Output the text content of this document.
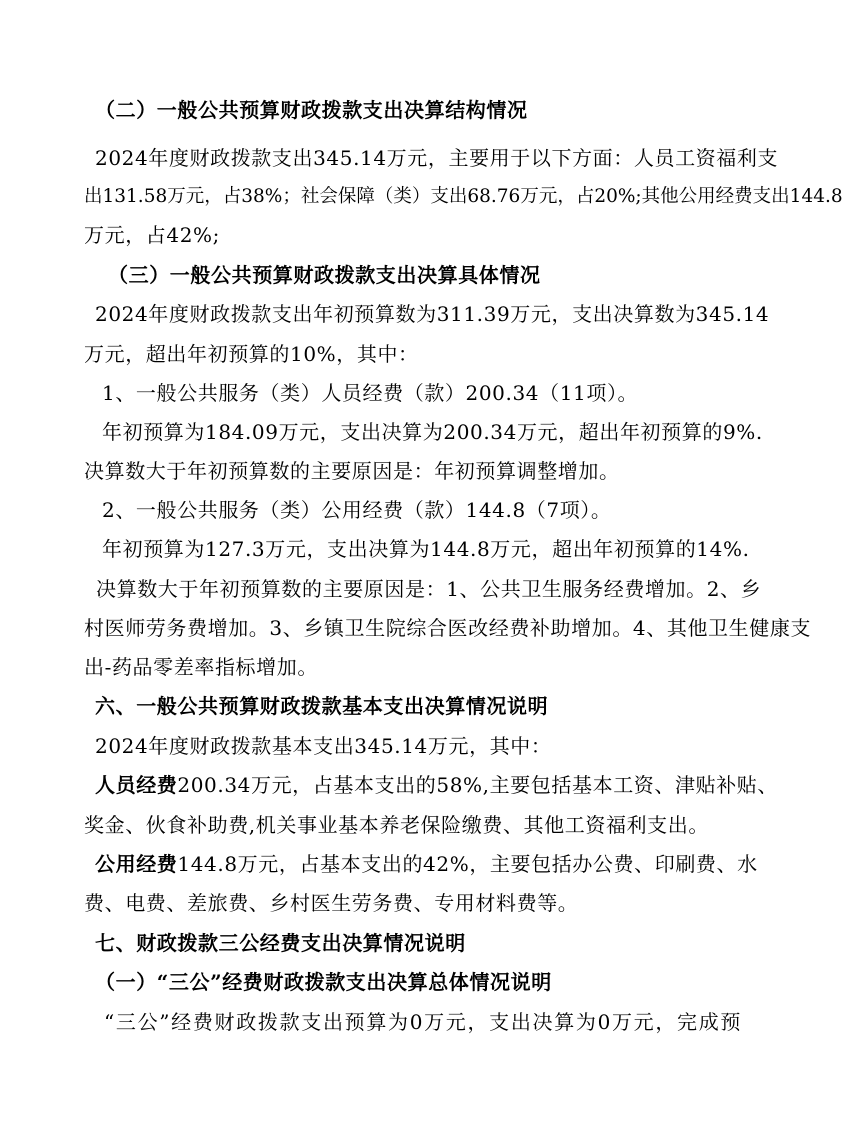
（二）一般公共预算财政拨款支出决算结构情况
2024年度财政拨款支出345.14万元，主要用于以下方面：人员工资福利支
出131.58万元，占38%；社会保障（类）支出68.76万元，占20%;其他公用经费支出144.8
万元，占42%;
（三）一般公共预算财政拨款支出决算具体情况
2024年度财政拨款支出年初预算数为311.39万元，支出决算数为345.14
万元，超出年初预算的10%，其中：
1、一般公共服务（类）人员经费（款）200.34（11项）。
年初预算为184.09万元，支出决算为200.34万元，超出年初预算的9%.
决算数大于年初预算数的主要原因是：年初预算调整增加。
2、一般公共服务（类）公用经费（款）144.8（7项）。
年初预算为127.3万元，支出决算为144.8万元，超出年初预算的14%.
决算数大于年初预算数的主要原因是：1、公共卫生服务经费增加。2、乡
村医师劳务费增加。3、乡镇卫生院综合医改经费补助增加。4、其他卫生健康支
出-药品零差率指标增加。
六、一般公共预算财政拨款基本支出决算情况说明
2024年度财政拨款基本支出345.14万元，其中：
人员经费200.34万元，占基本支出的58%,主要包括基本工资、津贴补贴、
奖金、伙食补助费,机关事业基本养老保险缴费、其他工资福利支出。
公用经费144.8万元，占基本支出的42%，主要包括办公费、印刷费、水
费、电费、差旅费、乡村医生劳务费、专用材料费等。
七、财政拨款三公经费支出决算情况说明
（一）“三公”经费财政拨款支出决算总体情况说明
“三公”经费财政拨款支出预算为0万元，支出决算为0万元，完成预
